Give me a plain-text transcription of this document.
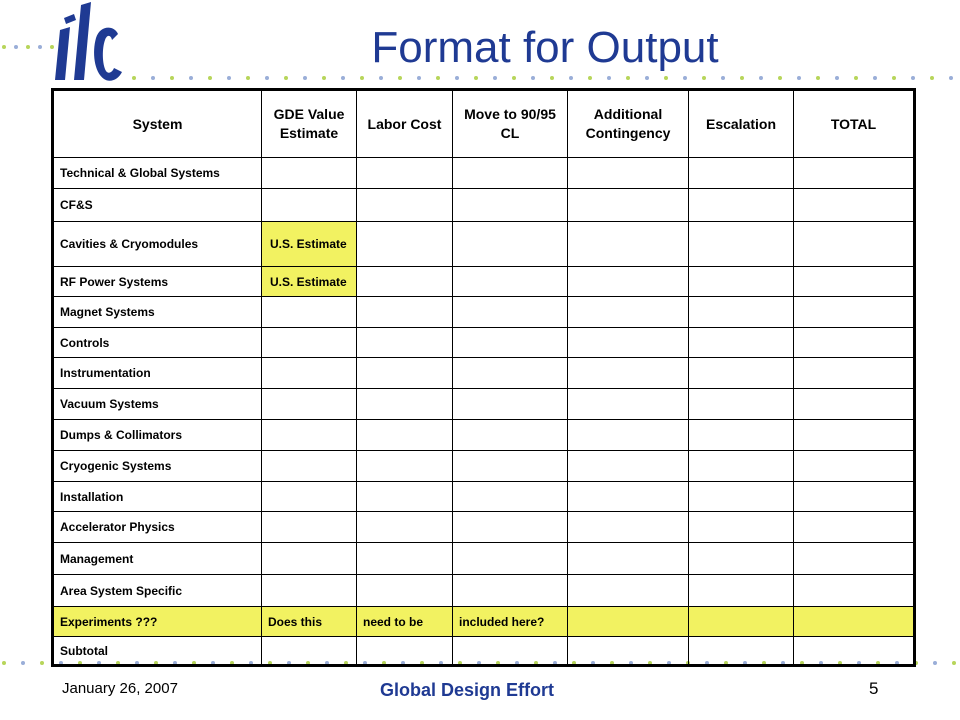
Format for Output
System	GDE Value Estimate	Labor Cost	Move to 90/95 CL	Additional Contingency	Escalation	TOTAL
Technical & Global Systems						
CF&S						
Cavities & Cryomodules	U.S. Estimate					
RF Power Systems	U.S. Estimate					
Magnet Systems						
Controls						
Instrumentation						
Vacuum Systems						
Dumps & Collimators						
Cryogenic Systems						
Installation						
Accelerator Physics						
Management						
Area System Specific						
Experiments ???	Does this	need to be	included here?			
Subtotal						
January 26, 2007	Global Design Effort	5
